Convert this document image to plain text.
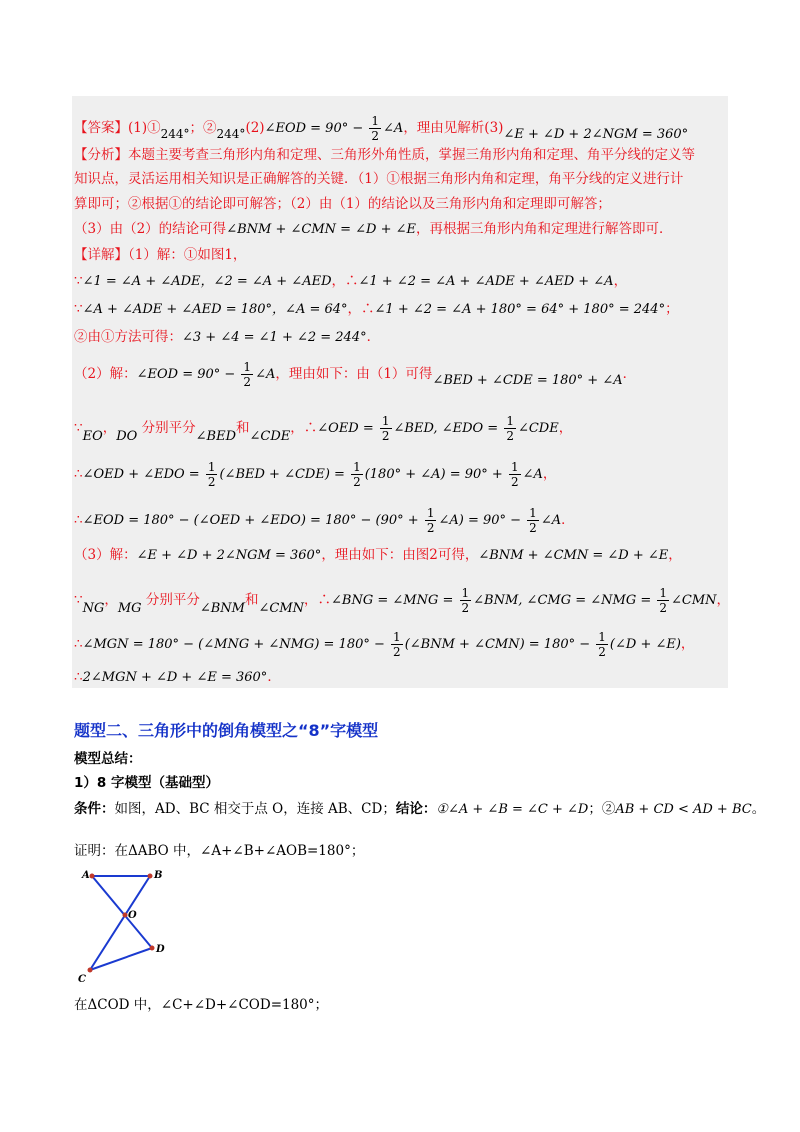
【答案】(1)①244°；②244°(2)∠EOD = $90^\circ - \frac{1}{2}$ ∠A，理由见解析(3)∠E + ∠D + 2∠NGM = 360°
【分析】本题主要考查三角形内角和定理、三角形外角性质，掌握三角形内角和定理、角平分线的定义等
知识点，灵活运用相关知识是正确解答的关键．（1）①根据三角形内角和定理，角平分线的定义进行计
算即可；②根据①的结论即可解答；（2）由（1）的结论以及三角形内角和定理即可解答；
（3）由（2）的结论可得∠BNM + ∠CMN = ∠D + ∠E，再根据三角形内角和定理进行解答即可．
【详解】（1）解：①如图1，
∵∠1 = ∠A + ∠ADE，∠2 = ∠A + ∠AED，∴∠1 + ∠2 = ∠A + ∠ADE + ∠AED + ∠A，
∵∠A + ∠ADE + ∠AED = 180°，∠A = 64°，∴∠1 + ∠2 = ∠A + 180° = 64° + 180° = 244°；
②由①方法可得：∠3 + ∠4 = ∠1 + ∠2 = 244°．
（2）解：∠EOD = $90^\circ - \frac{1}{2}$ ∠A，理由如下：由（1）可得∠BED + ∠CDE = 180° + ∠A．
∵EO，DO 分别平分∠BED和∠CDE，∴∠OED = $\frac{1}{2}$ ∠BED, ∠EDO = $\frac{1}{2}$ ∠CDE，
∴∠OED + ∠EDO = $\frac{1}{2}$ (∠BED + ∠CDE) = $\frac{1}{2} (180^\circ$ + ∠A) = $90^\circ + \frac{1}{2}$ ∠A，
∴∠EOD = 180° − (∠OED + ∠EDO) = $180^\circ - (90^\circ + \frac{1}{2}$ ∠A) = $90^\circ - \frac{1}{2}$ ∠A．
（3）解：∠E + ∠D + 2∠NGM = 360°，理由如下：由图2可得，∠BNM + ∠CMN = ∠D + ∠E，
∵NG，MG 分别平分∠BNM和∠CMN，∴∠BNG = ∠MNG = $\frac{1}{2}$ ∠BNM, ∠CMG = ∠NMG = $\frac{1}{2}$ ∠CMN，
∴∠MGN = 180° − (∠MNG + ∠NMG) = $180^\circ - \frac{1}{2}$ (∠BNM + ∠CMN) = $180^\circ - \frac{1}{2}$ (∠D + ∠E)，
∴2∠MGN + ∠D + ∠E = 360°．
题型二、三角形中的倒角模型之“8”字模型
模型总结：
1）8 字模型（基础型）
条件：如图，AD、BC 相交于点 O，连接 AB、CD；结论：①∠A + ∠B = ∠C + ∠D；②AB + CD < AD + BC。
证明：在ΔABO 中，∠A+∠B+∠AOB=180°；
A	B
O
C
D
在ΔCOD 中，∠C+∠D+∠COD=180°；
